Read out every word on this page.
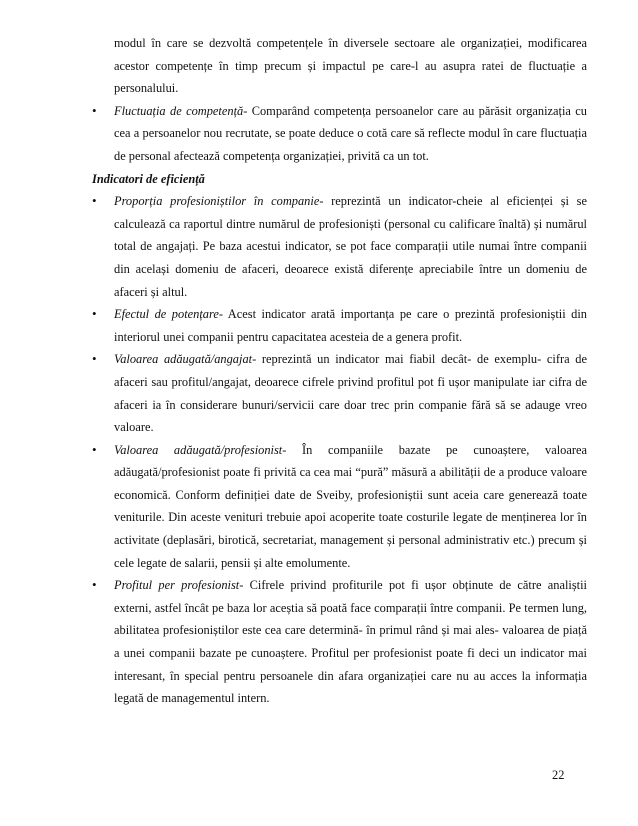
modul în care se dezvoltă competențele în diversele sectoare ale organizației, modificarea acestor competențe în timp precum și impactul pe care-l au asupra ratei de fluctuație a personalului.

• Fluctuația de competență- Comparând competența persoanelor care au părăsit organizația cu cea a persoanelor nou recrutate, se poate deduce o cotă care să reflecte modul în care fluctuația de personal afectează competența organizației, privită ca un tot.

Indicatori de eficiență

• Proporția profesioniștilor în companie- reprezintă un indicator-cheie al eficienței și se calculează ca raportul dintre numărul de profesioniști (personal cu calificare înaltă) și numărul total de angajați. Pe baza acestui indicator, se pot face comparații utile numai între companii din același domeniu de afaceri, deoarece există diferențe apreciabile între un domeniu de afaceri și altul.

• Efectul de potențare- Acest indicator arată importanța pe care o prezintă profesioniștii din interiorul unei companii pentru capacitatea acesteia de a genera profit.

• Valoarea adăugată/angajat- reprezintă un indicator mai fiabil decât- de exemplu- cifra de afaceri sau profitul/angajat, deoarece cifrele privind profitul pot fi ușor manipulate iar cifra de afaceri ia în considerare bunuri/servicii care doar trec prin companie fără să se adauge vreo valoare.

• Valoarea adăugată/profesionist- În companiile bazate pe cunoaștere, valoarea adăugată/profesionist poate fi privită ca cea mai “pură” măsură a abilității de a produce valoare economică. Conform definiției date de Sveiby, profesioniștii sunt aceia care generează toate veniturile. Din aceste venituri trebuie apoi acoperite toate costurile legate de menținerea lor în activitate (deplasări, birotică, secretariat, management și personal administrativ etc.) precum și cele legate de salarii, pensii și alte emolumente.

• Profitul per profesionist- Cifrele privind profiturile pot fi ușor obținute de către analiștii externi, astfel încât pe baza lor aceștia să poată face comparații între companii. Pe termen lung, abilitatea profesioniștilor este cea care determină- în primul rând și mai ales- valoarea de piață a unei companii bazate pe cunoaștere. Profitul per profesionist poate fi deci un indicator mai interesant, în special pentru persoanele din afara organizației care nu au acces la informația legată de managementul intern.

22
